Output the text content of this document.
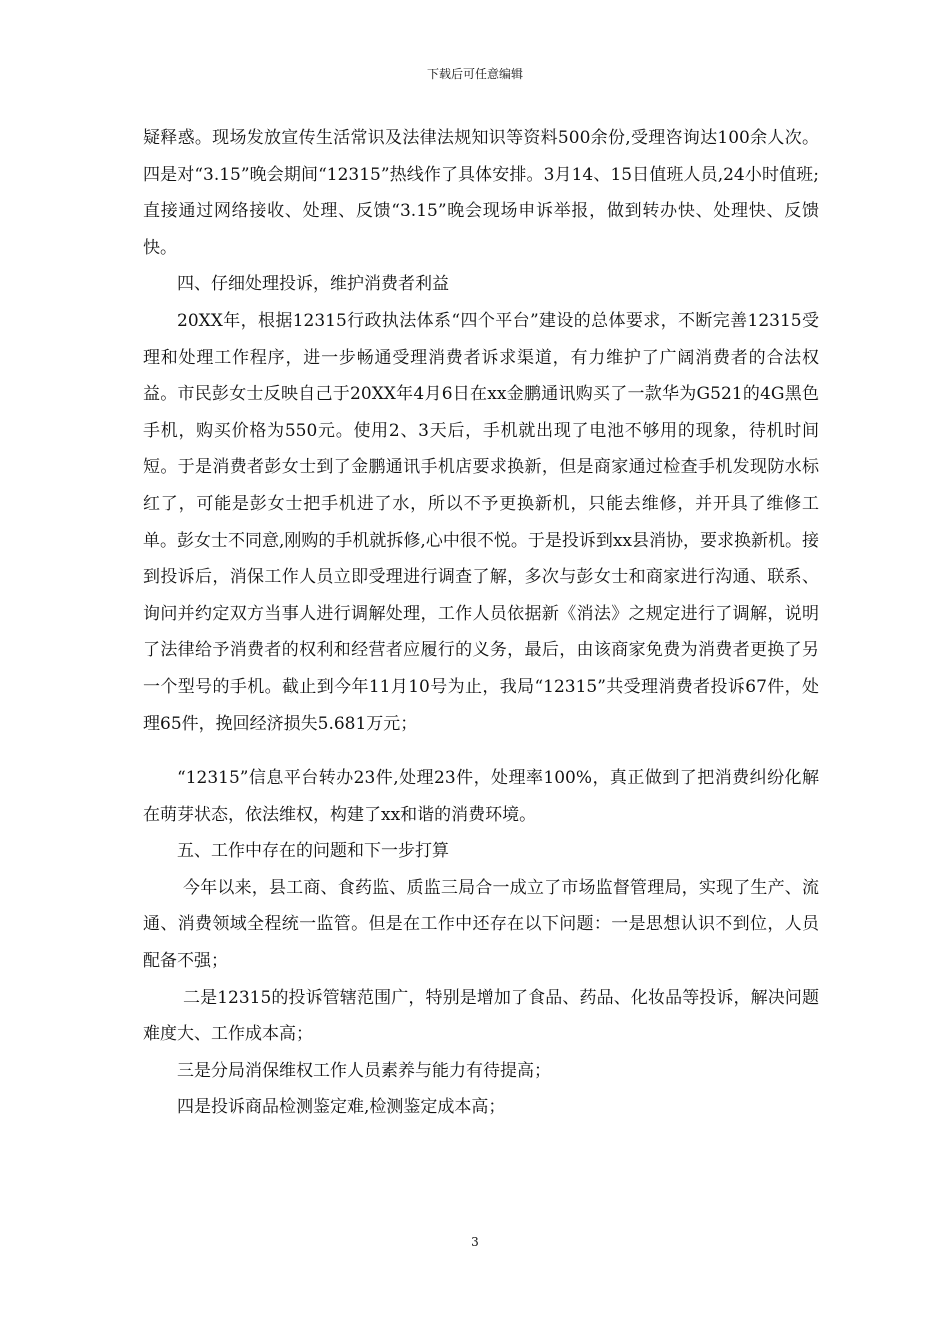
下载后可任意编辑

疑释惑。现场发放宣传生活常识及法律法规知识等资料500余份,受理咨询达100余人次。四是对“3.15”晚会期间“12315”热线作了具体安排。3月14、15日值班人员,24小时值班;直接通过网络接收、处理、反馈“3.15”晚会现场申诉举报，做到转办快、处理快、反馈快。

四、仔细处理投诉，维护消费者利益

20XX年，根据12315行政执法体系“四个平台”建设的总体要求，不断完善12315受理和处理工作程序，进一步畅通受理消费者诉求渠道，有力维护了广阔消费者的合法权益。市民彭女士反映自己于20XX年4月6日在xx金鹏通讯购买了一款华为G521的4G黑色手机，购买价格为550元。使用2、3天后，手机就出现了电池不够用的现象，待机时间短。于是消费者彭女士到了金鹏通讯手机店要求换新，但是商家通过检查手机发现防水标红了，可能是彭女士把手机进了水，所以不予更换新机，只能去维修，并开具了维修工单。彭女士不同意,刚购的手机就拆修,心中很不悦。于是投诉到xx县消协，要求换新机。接到投诉后，消保工作人员立即受理进行调查了解，多次与彭女士和商家进行沟通、联系、询问并约定双方当事人进行调解处理，工作人员依据新《消法》之规定进行了调解，说明了法律给予消费者的权利和经营者应履行的义务，最后，由该商家免费为消费者更换了另一个型号的手机。截止到今年11月10号为止，我局“12315”共受理消费者投诉67件，处理65件，挽回经济损失5.681万元；

“12315”信息平台转办23件,处理23件，处理率100%，真正做到了把消费纠纷化解在萌芽状态，依法维权，构建了xx和谐的消费环境。

五、工作中存在的问题和下一步打算

今年以来，县工商、食药监、质监三局合一成立了市场监督管理局，实现了生产、流通、消费领域全程统一监管。但是在工作中还存在以下问题：一是思想认识不到位，人员配备不强；

二是12315的投诉管辖范围广，特别是增加了食品、药品、化妆品等投诉，解决问题难度大、工作成本高；

三是分局消保维权工作人员素养与能力有待提高；

四是投诉商品检测鉴定难,检测鉴定成本高；

3
